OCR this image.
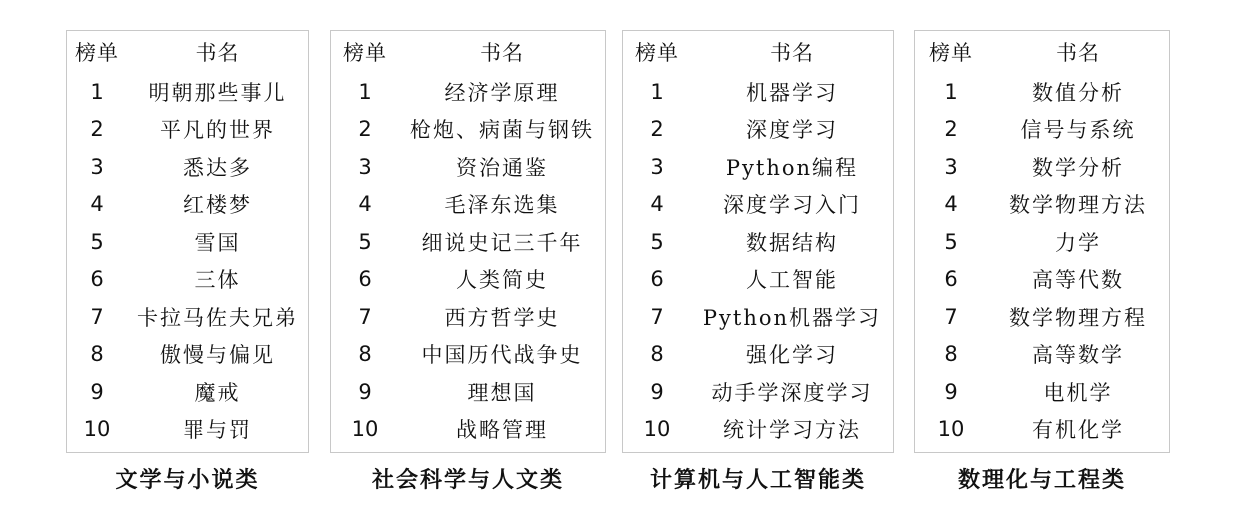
榜单	书名
1	明朝那些事儿
2	平凡的世界
3	悉达多
4	红楼梦
5	雪国
6	三体
7	卡拉马佐夫兄弟
8	傲慢与偏见
9	魔戒
10	罪与罚
文学与小说类
榜单	书名
1	经济学原理
2	枪炮、病菌与钢铁
3	资治通鉴
4	毛泽东选集
5	细说史记三千年
6	人类简史
7	西方哲学史
8	中国历代战争史
9	理想国
10	战略管理
社会科学与人文类
榜单	书名
1	机器学习
2	深度学习
3	Python编程
4	深度学习入门
5	数据结构
6	人工智能
7	Python机器学习
8	强化学习
9	动手学深度学习
10	统计学习方法
计算机与人工智能类
榜单	书名
1	数值分析
2	信号与系统
3	数学分析
4	数学物理方法
5	力学
6	高等代数
7	数学物理方程
8	高等数学
9	电机学
10	有机化学
数理化与工程类
